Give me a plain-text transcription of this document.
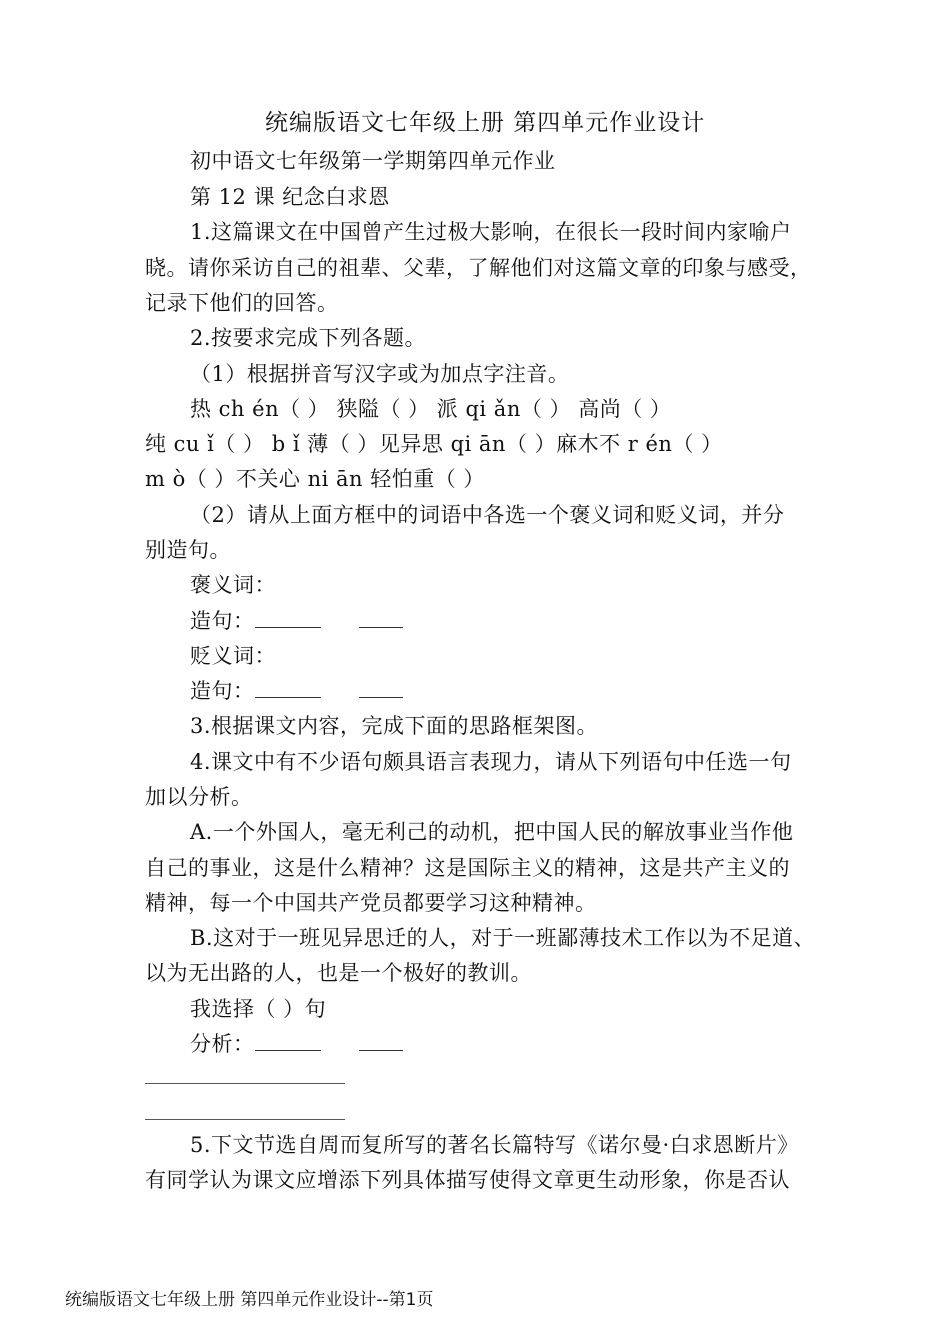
统编版语文七年级上册 第四单元作业设计
初中语文七年级第一学期第四单元作业
第 12 课 纪念白求恩
1.这篇课文在中国曾产生过极大影响，在很长一段时间内家喻户
晓。请你采访自己的祖辈、父辈，了解他们对这篇文章的印象与感受，
记录下他们的回答。
2.按要求完成下列各题。
（1）根据拼音写汉字或为加点字注音。
热 ch én（ ） 狭隘（ ） 派 qi ǎn（ ） 高尚（ ）
纯 cu ǐ（ ） b ǐ 薄（ ）见异思 qi ān（ ）麻木不 r én（ ）
m ò（ ）不关心 ni ān 轻怕重（ ）
（2）请从上面方框中的词语中各选一个褒义词和贬义词，并分
别造句。
褒义词：
造句：
贬义词：
造句：
3.根据课文内容，完成下面的思路框架图。
4.课文中有不少语句颇具语言表现力，请从下列语句中任选一句
加以分析。
A.一个外国人，毫无利己的动机，把中国人民的解放事业当作他
自己的事业，这是什么精神？这是国际主义的精神，这是共产主义的
精神，每一个中国共产党员都要学习这种精神。
B.这对于一班见异思迁的人，对于一班鄙薄技术工作以为不足道、
以为无出路的人，也是一个极好的教训。
我选择（ ）句
分析：
5.下文节选自周而复所写的著名长篇特写《诺尔曼·白求恩断片》
有同学认为课文应增添下列具体描写使得文章更生动形象，你是否认
统编版语文七年级上册 第四单元作业设计--第1页
